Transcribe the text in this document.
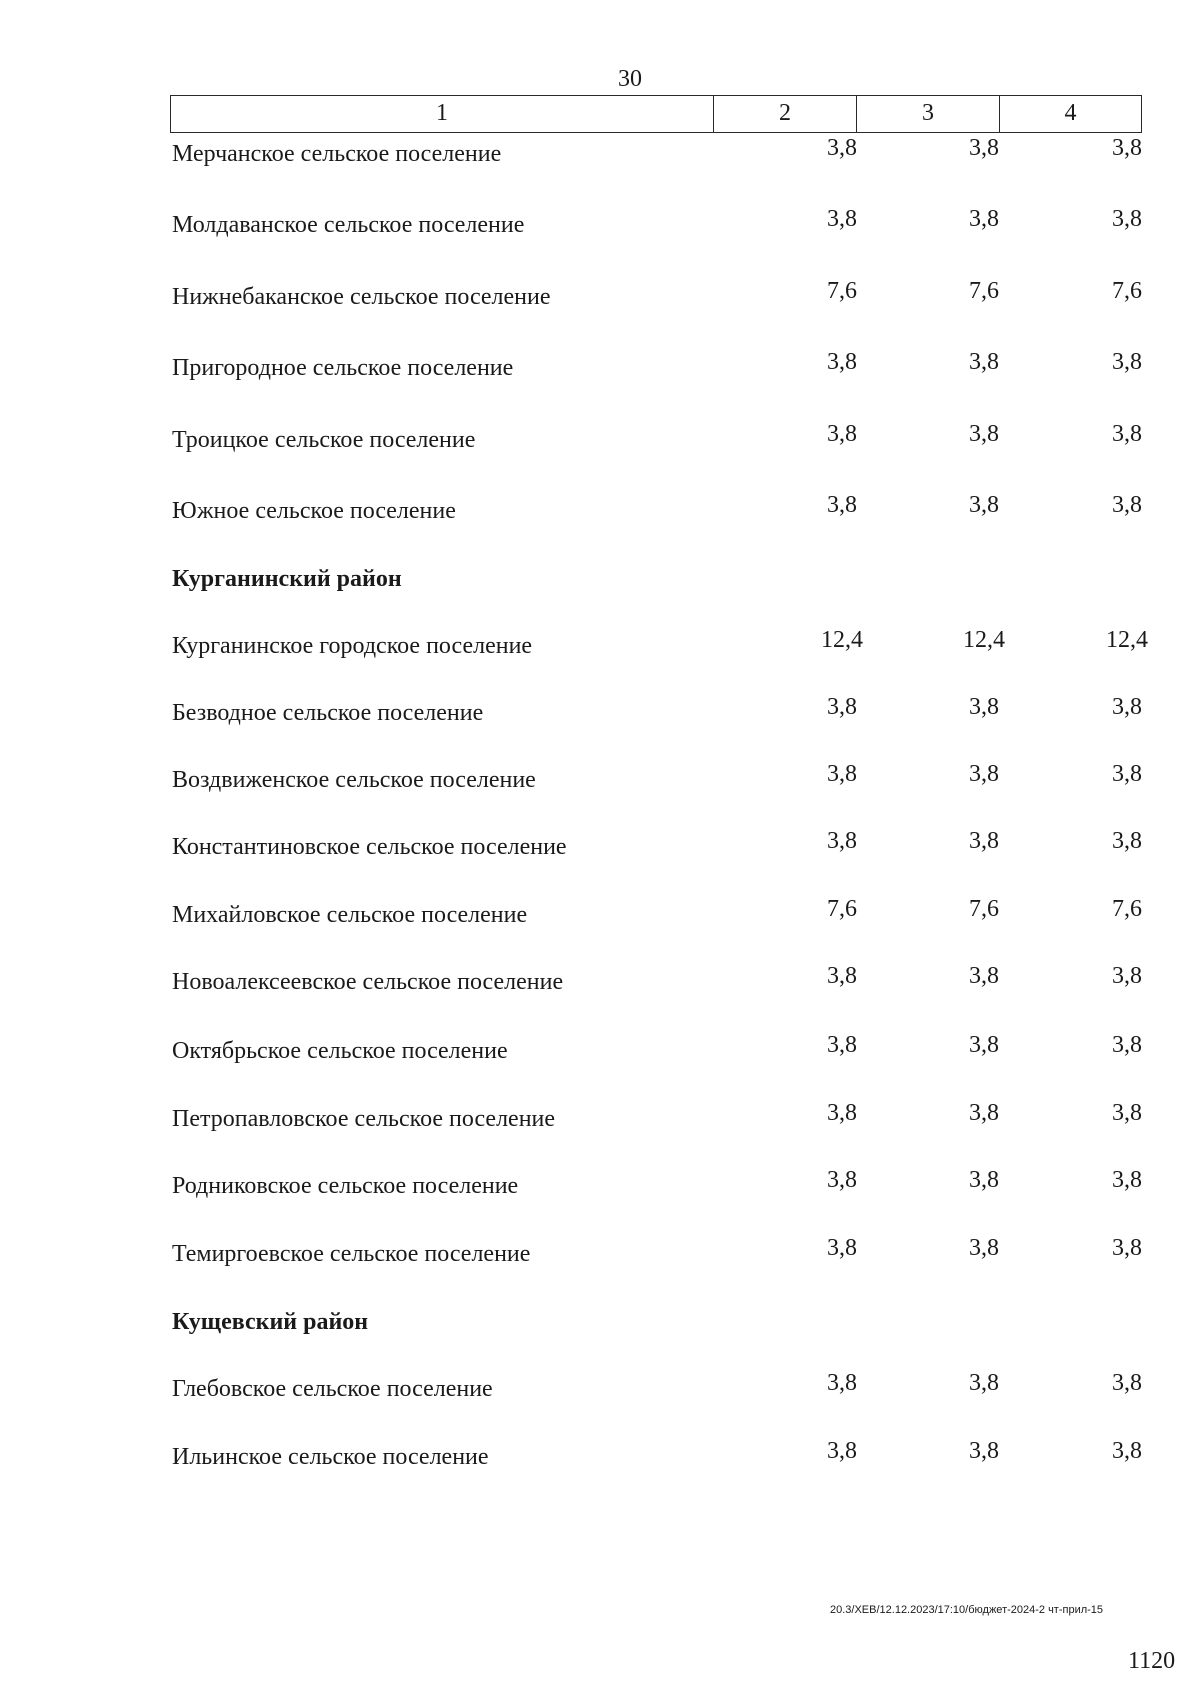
30
1	2	3	4
Мерчанское сельское поселение	3,8	3,8	3,8
Молдаванское сельское поселение	3,8	3,8	3,8
Нижнебаканское сельское поселение	7,6	7,6	7,6
Пригородное сельское поселение	3,8	3,8	3,8
Троицкое сельское поселение	3,8	3,8	3,8
Южное сельское поселение	3,8	3,8	3,8
Курганинский район
Курганинское городское поселение	12,4	12,4	12,4
Безводное сельское поселение	3,8	3,8	3,8
Воздвиженское сельское поселение	3,8	3,8	3,8
Константиновское сельское поселение	3,8	3,8	3,8
Михайловское сельское поселение	7,6	7,6	7,6
Новоалексеевское сельское поселение	3,8	3,8	3,8
Октябрьское сельское поселение	3,8	3,8	3,8
Петропавловское сельское поселение	3,8	3,8	3,8
Родниковское сельское поселение	3,8	3,8	3,8
Темиргоевское сельское поселение	3,8	3,8	3,8
Кущевский район
Глебовское сельское поселение	3,8	3,8	3,8
Ильинское сельское поселение	3,8	3,8	3,8
20.3/ХЕВ/12.12.2023/17:10/бюджет-2024-2 чт-прил-15
1120
